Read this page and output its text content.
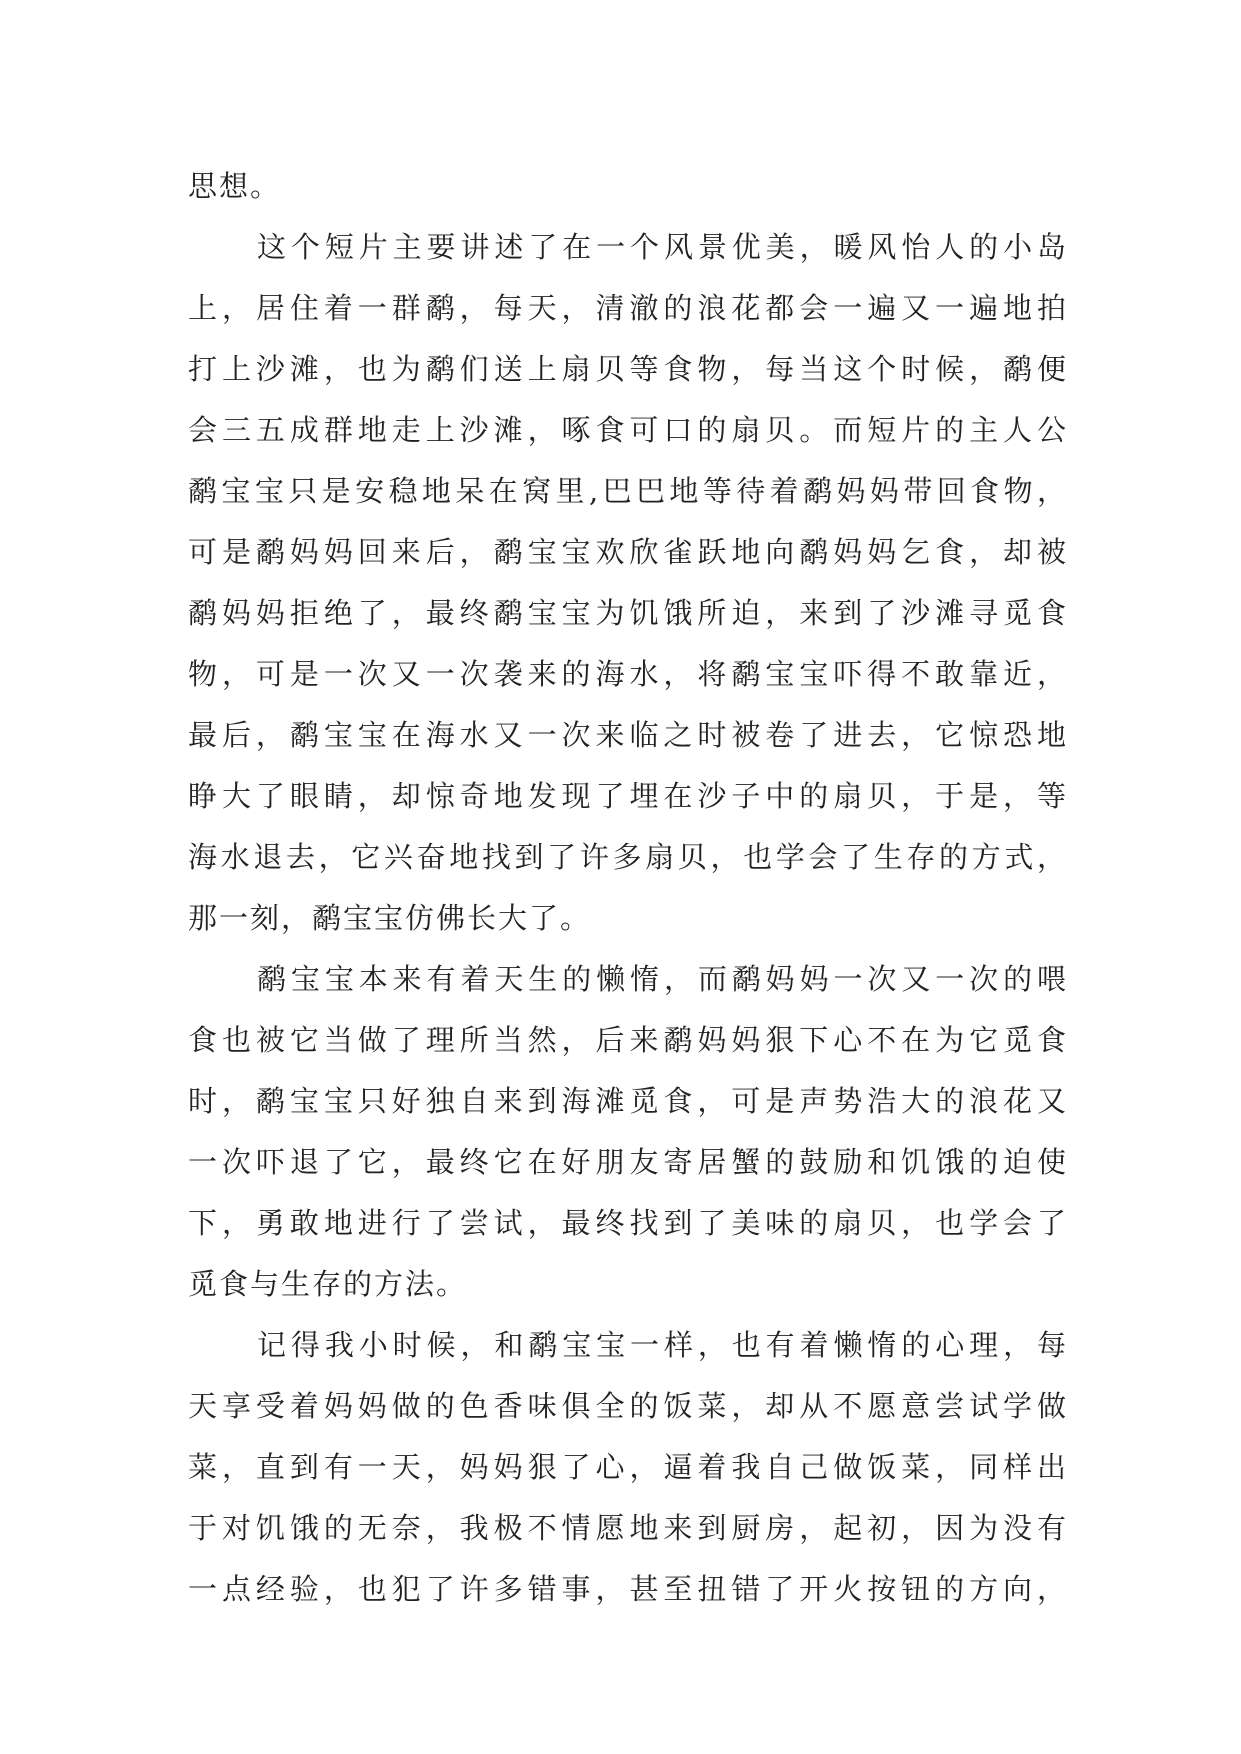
思想。
这个短片主要讲述了在一个风景优美，暖风怡人的小岛
上，居住着一群鹬，每天，清澈的浪花都会一遍又一遍地拍
打上沙滩，也为鹬们送上扇贝等食物，每当这个时候，鹬便
会三五成群地走上沙滩，啄食可口的扇贝。而短片的主人公
鹬宝宝只是安稳地呆在窝里,巴巴地等待着鹬妈妈带回食物，
可是鹬妈妈回来后，鹬宝宝欢欣雀跃地向鹬妈妈乞食，却被
鹬妈妈拒绝了，最终鹬宝宝为饥饿所迫，来到了沙滩寻觅食
物，可是一次又一次袭来的海水，将鹬宝宝吓得不敢靠近，
最后，鹬宝宝在海水又一次来临之时被卷了进去，它惊恐地
睁大了眼睛，却惊奇地发现了埋在沙子中的扇贝，于是，等
海水退去，它兴奋地找到了许多扇贝，也学会了生存的方式，
那一刻，鹬宝宝仿佛长大了。
鹬宝宝本来有着天生的懒惰，而鹬妈妈一次又一次的喂
食也被它当做了理所当然，后来鹬妈妈狠下心不在为它觅食
时，鹬宝宝只好独自来到海滩觅食，可是声势浩大的浪花又
一次吓退了它，最终它在好朋友寄居蟹的鼓励和饥饿的迫使
下，勇敢地进行了尝试，最终找到了美味的扇贝，也学会了
觅食与生存的方法。
记得我小时候，和鹬宝宝一样，也有着懒惰的心理，每
天享受着妈妈做的色香味俱全的饭菜，却从不愿意尝试学做
菜，直到有一天，妈妈狠了心，逼着我自己做饭菜，同样出
于对饥饿的无奈，我极不情愿地来到厨房，起初，因为没有
一点经验，也犯了许多错事，甚至扭错了开火按钮的方向，
